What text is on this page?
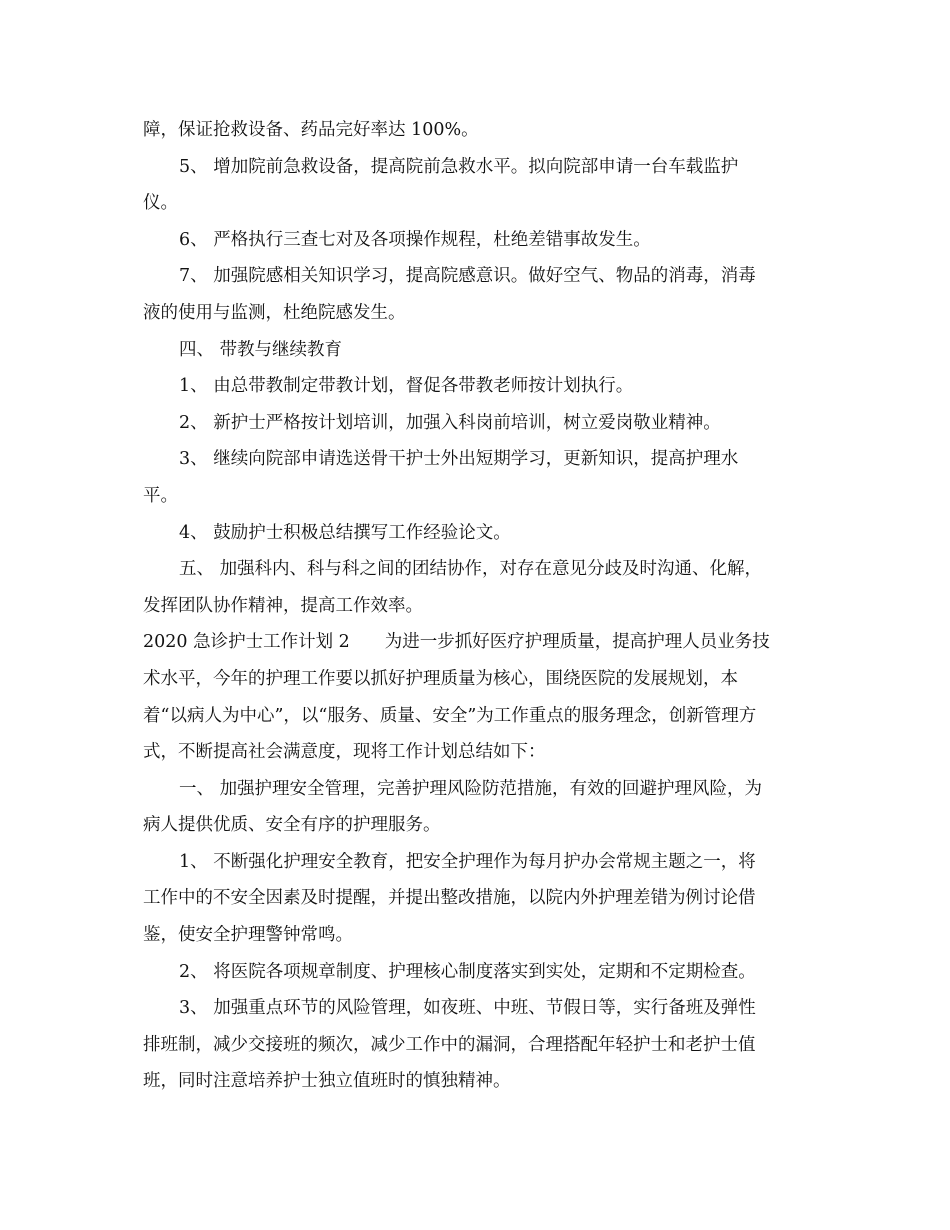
障，保证抢救设备、药品完好率达 100%。
5、 增加院前急救设备，提高院前急救水平。拟向院部申请一台车载监护
仪。
6、 严格执行三查七对及各项操作规程，杜绝差错事故发生。
7、 加强院感相关知识学习，提高院感意识。做好空气、物品的消毒，消毒
液的使用与监测，杜绝院感发生。
四、 带教与继续教育
1、 由总带教制定带教计划，督促各带教老师按计划执行。
2、 新护士严格按计划培训，加强入科岗前培训，树立爱岗敬业精神。
3、 继续向院部申请选送骨干护士外出短期学习，更新知识，提高护理水
平。
4、 鼓励护士积极总结撰写工作经验论文。
五、 加强科内、科与科之间的团结协作，对存在意见分歧及时沟通、化解，
发挥团队协作精神，提高工作效率。
2020 急诊护士工作计划 2　　为进一步抓好医疗护理质量，提高护理人员业务技
术水平，今年的护理工作要以抓好护理质量为核心，围绕医院的发展规划，本
着“以病人为中心”，以“服务、质量、安全”为工作重点的服务理念，创新管理方
式，不断提高社会满意度，现将工作计划总结如下：
一、 加强护理安全管理，完善护理风险防范措施，有效的回避护理风险，为
病人提供优质、安全有序的护理服务。
1、 不断强化护理安全教育，把安全护理作为每月护办会常规主题之一，将
工作中的不安全因素及时提醒，并提出整改措施，以院内外护理差错为例讨论借
鉴，使安全护理警钟常鸣。
2、 将医院各项规章制度、护理核心制度落实到实处，定期和不定期检查。
3、 加强重点环节的风险管理，如夜班、中班、节假日等，实行备班及弹性
排班制，减少交接班的频次，减少工作中的漏洞，合理搭配年轻护士和老护士值
班，同时注意培养护士独立值班时的慎独精神。
